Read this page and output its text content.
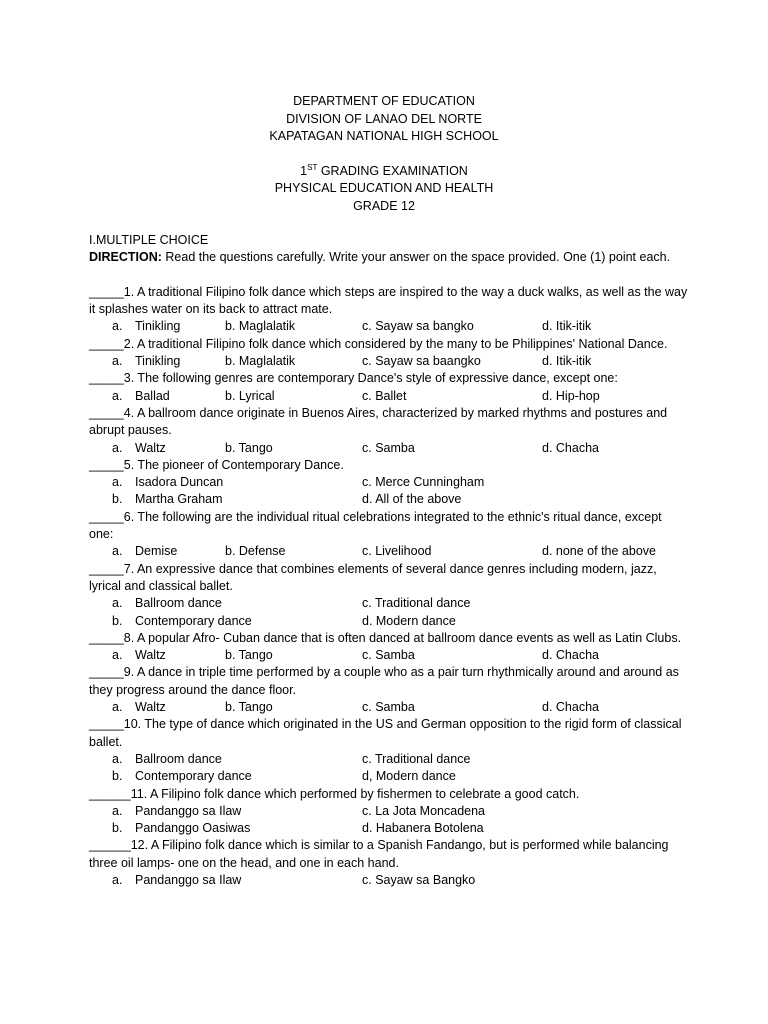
DEPARTMENT OF EDUCATION
DIVISION OF LANAO DEL NORTE
KAPATAGAN NATIONAL HIGH SCHOOL
1ST GRADING EXAMINATION
PHYSICAL EDUCATION AND HEALTH
GRADE 12
I.MULTIPLE CHOICE
DIRECTION: Read the questions carefully. Write your answer on the space provided. One (1) point each.
_____1. A traditional Filipino folk dance which steps are inspired to the way a duck walks, as well as the way it splashes water on its back to attract mate.
a. Tinikling	b. Maglalatik	c. Sayaw sa bangko	d. Itik-itik
_____2. A traditional Filipino folk dance which considered by the many to be Philippines' National Dance.
a. Tinikling	b. Maglalatik	c. Sayaw sa baangko	d. Itik-itik
_____3. The following genres are contemporary Dance's style of expressive dance, except one:
a. Ballad	b. Lyrical	c. Ballet	d. Hip-hop
_____4. A ballroom dance originate in Buenos Aires, characterized by marked rhythms and postures and abrupt pauses.
a. Waltz	b. Tango	c. Samba	d. Chacha
_____5. The pioneer of Contemporary Dance.
a. Isadora Duncan	c. Merce Cunningham
b. Martha Graham	d. All of the above
_____6. The following are the individual ritual celebrations integrated to the ethnic's ritual dance, except one:
a. Demise	b. Defense	c. Livelihood	d. none of the above
_____7. An expressive dance that combines elements of several dance genres including modern, jazz, lyrical and classical ballet.
a. Ballroom dance	c. Traditional dance
b. Contemporary dance	d. Modern dance
_____8. A popular Afro- Cuban dance that is often danced at ballroom dance events as well as Latin Clubs.
a. Waltz	b. Tango	c. Samba	d. Chacha
_____9. A dance in triple time performed by a couple who as a pair turn rhythmically around and around as they progress around the dance floor.
a. Waltz	b. Tango	c. Samba	d. Chacha
_____10. The type of dance which originated in the US and German opposition to the rigid form of classical ballet.
a. Ballroom dance	c. Traditional dance
b. Contemporary dance	d, Modern dance
______11. A Filipino folk dance which performed by fishermen to celebrate a good catch.
a. Pandanggo sa Ilaw	c. La Jota Moncadena
b. Pandanggo Oasiwas	d. Habanera Botolena
______12. A Filipino folk dance which is similar to a Spanish Fandango, but is performed while balancing three oil lamps- one on the head, and one in each hand.
a. Pandanggo sa Ilaw	c. Sayaw sa Bangko
